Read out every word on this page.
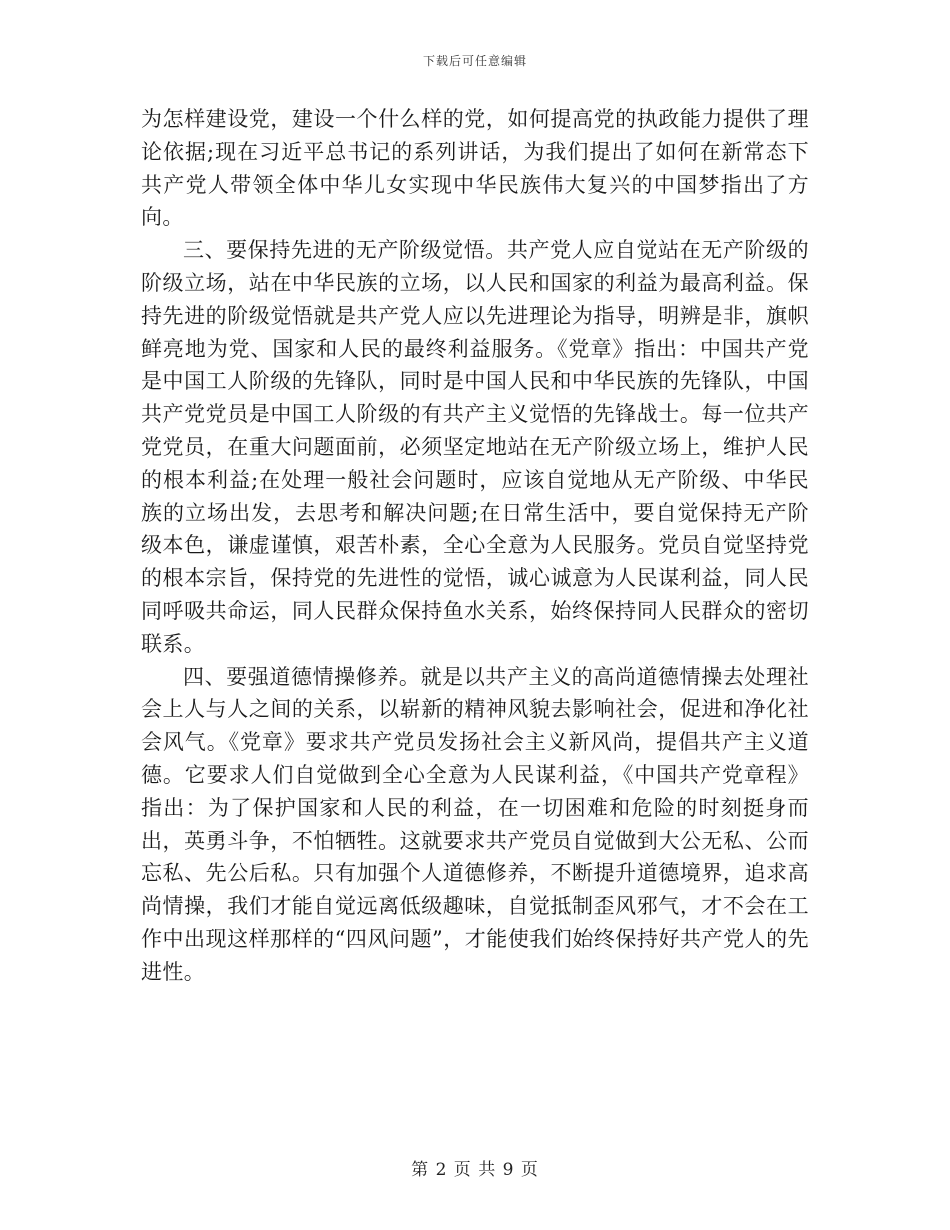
下载后可任意编辑

为怎样建设党，建设一个什么样的党，如何提高党的执政能力提供了理论依据;现在习近平总书记的系列讲话，为我们提出了如何在新常态下共产党人带领全体中华儿女实现中华民族伟大复兴的中国梦指出了方向。

三、要保持先进的无产阶级觉悟。共产党人应自觉站在无产阶级的阶级立场，站在中华民族的立场，以人民和国家的利益为最高利益。保持先进的阶级觉悟就是共产党人应以先进理论为指导，明辨是非，旗帜鲜亮地为党、国家和人民的最终利益服务。《党章》指出：中国共产党是中国工人阶级的先锋队，同时是中国人民和中华民族的先锋队，中国共产党党员是中国工人阶级的有共产主义觉悟的先锋战士。每一位共产党党员，在重大问题面前，必须坚定地站在无产阶级立场上，维护人民的根本利益;在处理一般社会问题时，应该自觉地从无产阶级、中华民族的立场出发，去思考和解决问题;在日常生活中，要自觉保持无产阶级本色，谦虚谨慎，艰苦朴素，全心全意为人民服务。党员自觉坚持党的根本宗旨，保持党的先进性的觉悟，诚心诚意为人民谋利益，同人民同呼吸共命运，同人民群众保持鱼水关系，始终保持同人民群众的密切联系。

四、要强道德情操修养。就是以共产主义的高尚道德情操去处理社会上人与人之间的关系，以崭新的精神风貌去影响社会，促进和净化社会风气。《党章》要求共产党员发扬社会主义新风尚，提倡共产主义道德。它要求人们自觉做到全心全意为人民谋利益，《中国共产党章程》指出：为了保护国家和人民的利益，在一切困难和危险的时刻挺身而出，英勇斗争，不怕牺牲。这就要求共产党员自觉做到大公无私、公而忘私、先公后私。只有加强个人道德修养，不断提升道德境界，追求高尚情操，我们才能自觉远离低级趣味，自觉抵制歪风邪气，才不会在工作中出现这样那样的“四风问题”，才能使我们始终保持好共产党人的先进性。

第 2 页 共 9 页
